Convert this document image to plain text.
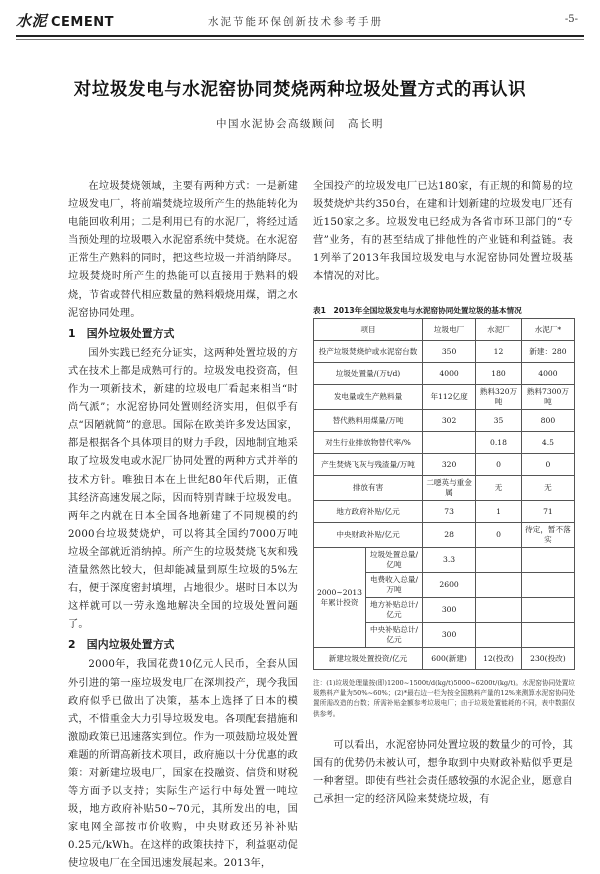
水泥 CEMENT	水泥节能环保创新技术参考手册	-5-
对垃圾发电与水泥窑协同焚烧两种垃圾处置方式的再认识
中国水泥协会高级顾问　高长明

在垃圾焚烧领域，主要有两种方式：一是新建垃圾发电厂，将前端焚烧垃圾所产生的热能转化为电能回收利用；二是利用已有的水泥厂，将经过适当预处理的垃圾喂入水泥窑系统中焚烧。在水泥窑正常生产熟料的同时，把这些垃圾一并消纳降尽。垃圾焚烧时所产生的热能可以直接用于熟料的煅烧，节省或替代相应数量的熟料煅烧用煤，谓之水泥窑协同处理。

1　国外垃圾处置方式

国外实践已经充分证实，这两种处置垃圾的方式在技术上都是成熟可行的。垃圾发电投资高，但作为一项新技术，新建的垃圾电厂看起来相当“时尚气派”；水泥窑协同处置则经济实用，但似乎有点“因陋就简”的意思。国际在欧美许多发达国家，都是根据各个具体项目的财力手段，因地制宜地采取了垃圾发电或水泥厂协同处置的两种方式并举的技术方针。唯独日本在上世纪80年代后期，正值其经济高速发展之际，因而特别青睐于垃圾发电。两年之内就在日本全国各地新建了不同规模的约2000台垃圾焚烧炉，可以将其全国约7000万吨垃圾全部就近消纳掉。所产生的垃圾焚烧飞灰和残渣量然然比较大，但却能减量到原生垃圾的5%左右，便于深度密封填埋，占地很少。堪时日本以为这样就可以一劳永逸地解决全国的垃圾处置问题了。

2　国内垃圾处置方式

2000年，我国花费10亿元人民币，全套从国外引进的第一座垃圾发电厂在深圳投产，现今我国政府似乎已做出了决策，基本上选择了日本的模式，不惜重金大力引导垃圾发电。各项配套措施和激励政策已迅速落实到位。作为一项鼓励垃圾处置难题的所谓高新技术项目，政府施以十分优惠的政策：对新建垃圾电厂，国家在投融资、信贷和财税等方面予以支持；实际生产运行中每处置一吨垃圾，地方政府补贴50~70元，其所发出的电，国家电网全部按市价收购，中央财政还另补补贴0.25元/kWh。在这样的政策扶持下，利益驱动促使垃圾电厂在全国迅速发展起来。2013年，

全国投产的垃圾发电厂已达180家，有正规的和简易的垃圾焚烧炉共约350台，在建和计划新建的垃圾发电厂还有近150家之多。垃圾发电已经成为各省市环卫部门的“专营”业务，有的甚至结成了排他性的产业链和利益链。表1列举了2013年我国垃圾发电与水泥窑协同处置垃圾基本情况的对比。

表1　2013年全国垃圾发电与水泥窑协同处置垃圾的基本情况
项目		垃圾电厂	水泥厂	水泥厂*
投产垃圾焚烧炉或水泥窑台数		350	12	新建：280
垃圾处置量/(万t/d)		4000	180	4000
发电量或生产熟料量		年112亿度	熟料320万吨	熟料7300万吨
替代熟料用煤量/万吨		302	35	800
对生行业排放物替代率/%			0.18	4.5
产生焚烧飞灰与残渣量/万吨		320	0	0
排放有害		二噁英与重金属	无	无
地方政府补贴/亿元		73	1	71
中央财政补贴/亿元		28	0	待定，暂不落实
2000~2013年累计投资	垃圾处置总量/亿吨	3.3		
	电费收入总量/万吨	2600		
	地方补贴总计/亿元	300		
	中央补贴总计/亿元	300		
新建垃圾处置投资/亿元		600(新建)	12(投改)	230(投改)
注：(1)垃圾处理量按(即)1200~1500t/d(kg/t)5000~6200t/(kg/t)。水泥窑协同处置垃圾熟料产量为50%~60%；(2)*最右边一栏为按全国熟料产量的12%来测算水泥窑协同处置所需改造的台数；所需补贴金额参考垃圾电厂；由于垃圾处置能耗的不同，表中数据仅供参考。

可以看出，水泥窑协同处置垃圾的数量少的可怜，其国有的优势仍未被认可，想争取到中央财政补贴似乎更是一种奢望。即使有些社会责任感较强的水泥企业，愿意自己承担一定的经济风险来焚烧垃圾，有
